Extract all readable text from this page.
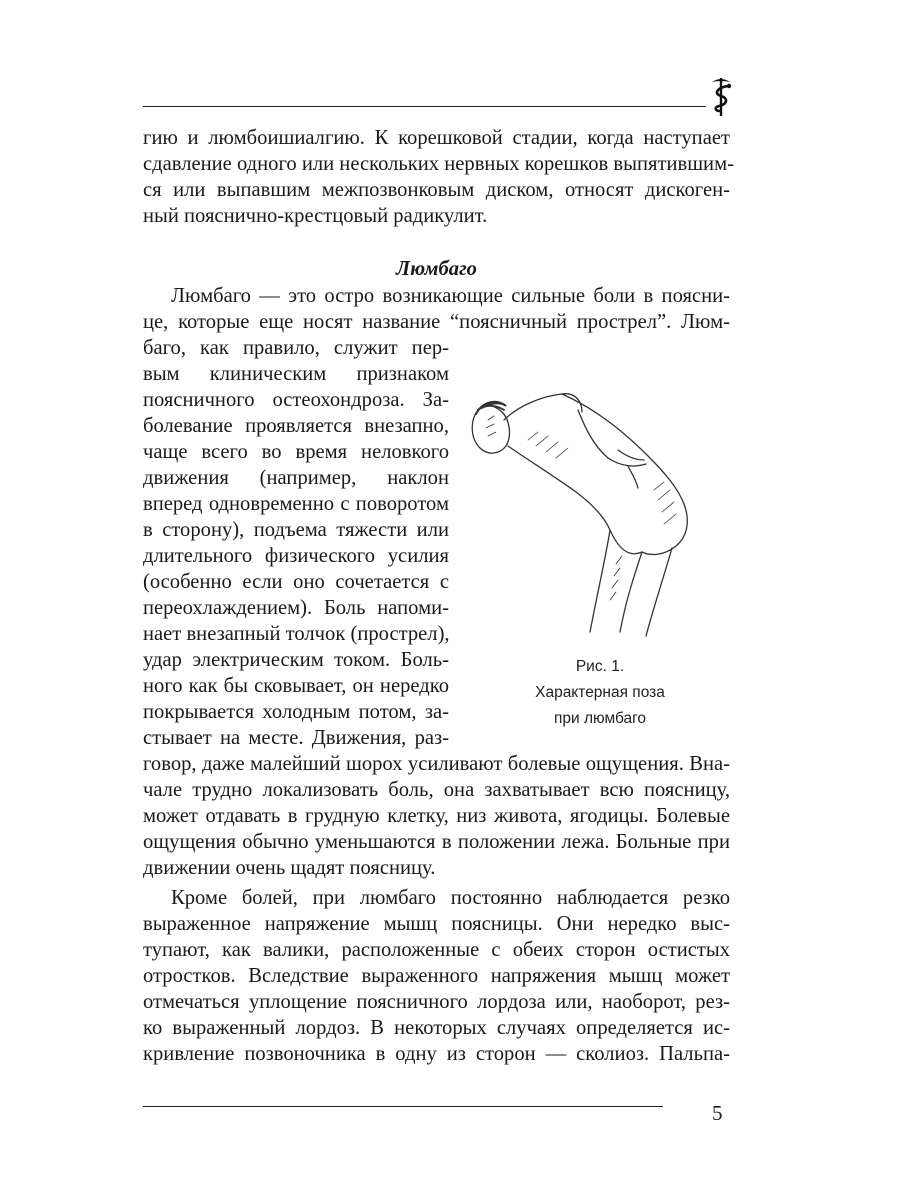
гию и люмбоишиалгию. К корешковой стадии, когда наступает
сдавление одного или нескольких нервных корешков выпятившим-
ся или выпавшим межпозвонковым диском, относят дискоген-
ный пояснично-крестцовый радикулит.
Люмбаго
Люмбаго — это остро возникающие сильные боли в поясни-
це, которые еще носят название “поясничный прострел”. Люм-
баго, как правило, служит пер-
вым клиническим признаком
поясничного остеохондроза. За-
болевание проявляется внезапно,
чаще всего во время неловкого
движения (например, наклон
вперед одновременно с поворотом
в сторону), подъема тяжести или
длительного физического усилия
(особенно если оно сочетается с
переохлаждением). Боль напоми-
нает внезапный толчок (прострел),
удар электрическим током. Боль-
ного как бы сковывает, он нередко
покрывается холодным потом, за-
стывает на месте. Движения, раз-
говор, даже малейший шорох усиливают болевые ощущения. Вна-
чале трудно локализовать боль, она захватывает всю поясницу,
может отдавать в грудную клетку, низ живота, ягодицы. Болевые
ощущения обычно уменьшаются в положении лежа. Больные при
движении очень щадят поясницу.
Кроме болей, при люмбаго постоянно наблюдается резко
выраженное напряжение мышц поясницы. Они нередко выс-
тупают, как валики, расположенные с обеих сторон остистых
отростков. Вследствие выраженного напряжения мышц может
отмечаться уплощение поясничного лордоза или, наоборот, рез-
ко выраженный лордоз. В некоторых случаях определяется ис-
кривление позвоночника в одну из сторон — сколиоз. Пальпа-
Рис. 1.
Характерная поза
при люмбаго
5
